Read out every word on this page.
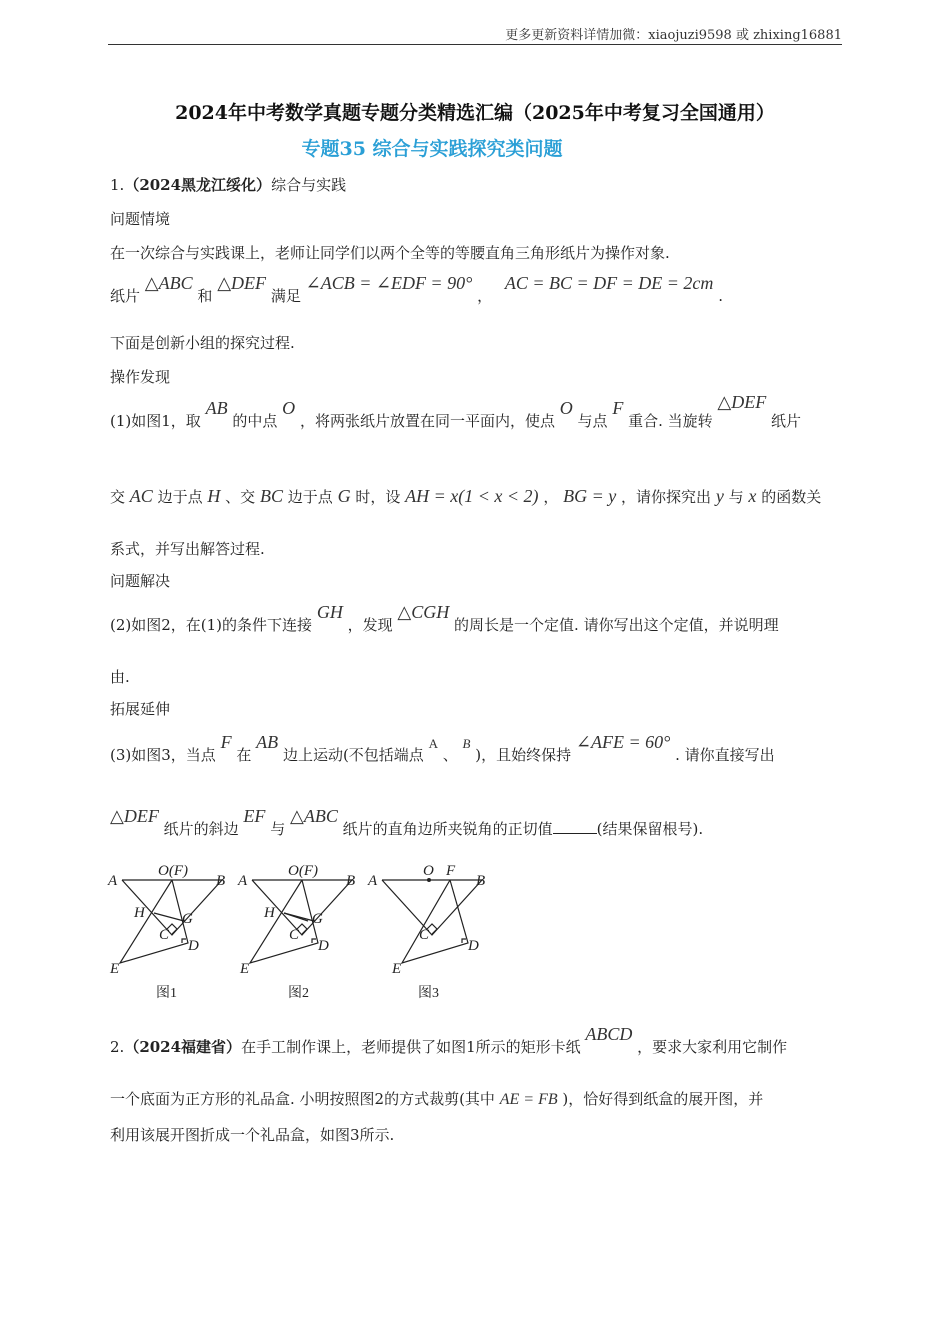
更多更新资料详情加微：xiaojuzi9598 或 zhixing16881
2024年中考数学真题专题分类精选汇编（2025年中考复习全国通用）
专题35 综合与实践探究类问题
1.（2024黑龙江绥化）综合与实践
问题情境
在一次综合与实践课上，老师让同学们以两个全等的等腰直角三角形纸片为操作对象.
纸片 △ABC 和 △DEF 满足 ∠ACB = ∠EDF = 90° ， AC = BC = DF = DE = 2cm .
下面是创新小组的探究过程.
操作发现
(1)如图1，取 AB 的中点 O ，将两张纸片放置在同一平面内，使点 O 与点 F 重合. 当旋转 △DEF 纸片
交 AC 边于点 H 、交 BC 边于点 G 时，设 AH = x(1 < x < 2) ， BG = y ，请你探究出 y 与 x 的函数关
系式，并写出解答过程.
问题解决
(2)如图2，在(1)的条件下连接 GH ，发现 △CGH 的周长是一个定值. 请你写出这个定值，并说明理
由.
拓展延伸
(3)如图3，当点 F 在 AB 边上运动(不包括端点 A 、 B )，且始终保持 ∠AFE = 60° . 请你直接写出
△DEF 纸片的斜边 EF 与 △ABC 纸片的直角边所夹锐角的正切值	(结果保留根号).
A
O(F)
B
H G
C
D
E
A
O(F)
B
H G
C
D
E
A
O F
B
C
D
E
图1	图2	图3
2.（2024福建省）在手工制作课上，老师提供了如图1所示的矩形卡纸 ABCD ，要求大家利用它制作
一个底面为正方形的礼品盒. 小明按照图2的方式裁剪(其中 AE = FB )，恰好得到纸盒的展开图，并
利用该展开图折成一个礼品盒，如图3所示.
